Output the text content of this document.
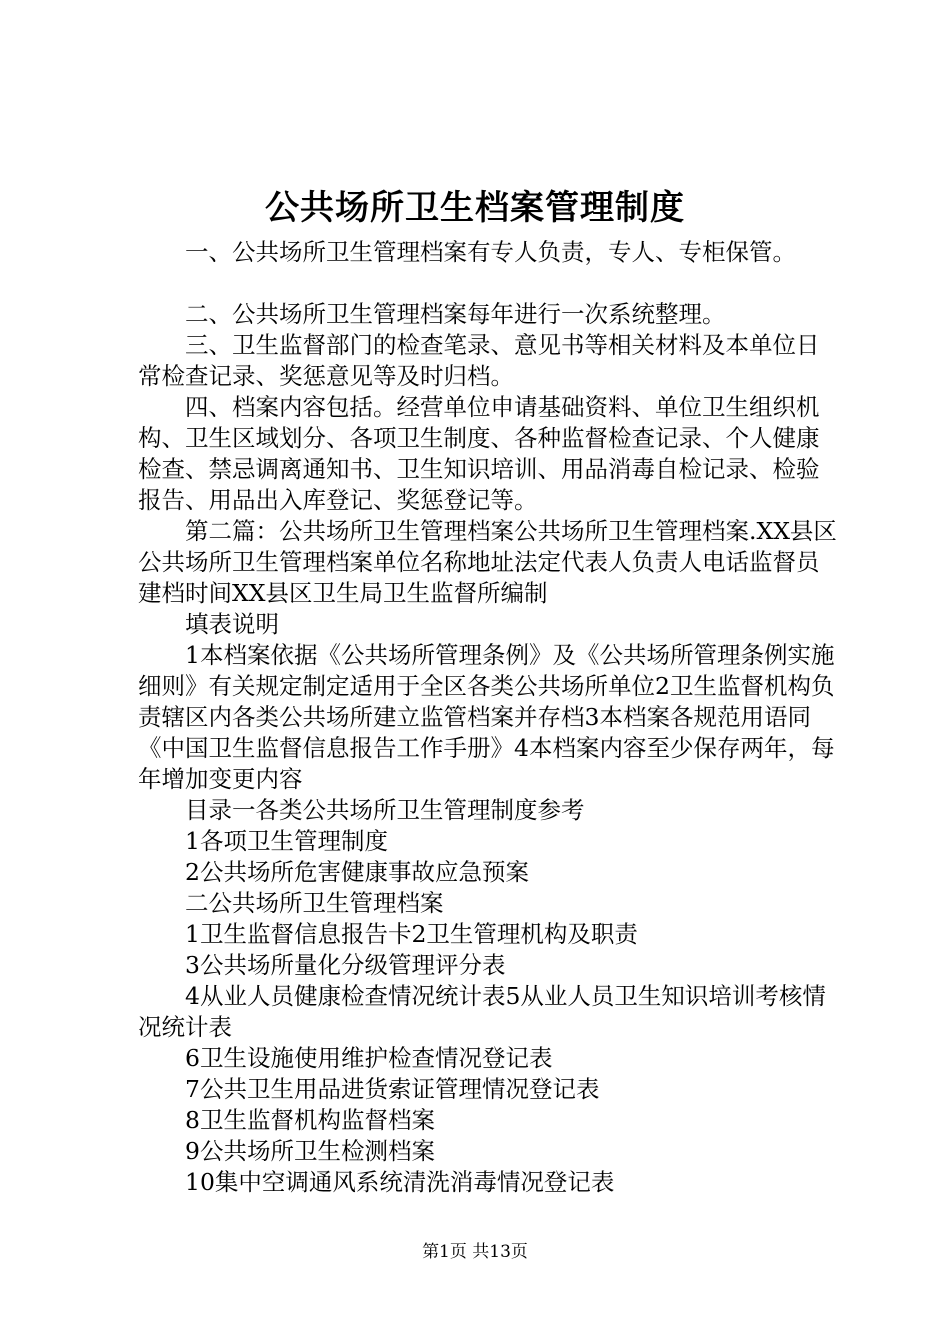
公共场所卫生档案管理制度

一、公共场所卫生管理档案有专人负责，专人、专柜保管。

二、公共场所卫生管理档案每年进行一次系统整理。

三、卫生监督部门的检查笔录、意见书等相关材料及本单位日常检查记录、奖惩意见等及时归档。

四、档案内容包括。经营单位申请基础资料、单位卫生组织机构、卫生区域划分、各项卫生制度、各种监督检查记录、个人健康检查、禁忌调离通知书、卫生知识培训、用品消毒自检记录、检验报告、用品出入库登记、奖惩登记等。

第二篇：公共场所卫生管理档案公共场所卫生管理档案.XX县区公共场所卫生管理档案单位名称地址法定代表人负责人电话监督员建档时间XX县区卫生局卫生监督所编制

填表说明

1本档案依据《公共场所管理条例》及《公共场所管理条例实施细则》有关规定制定适用于全区各类公共场所单位2卫生监督机构负责辖区内各类公共场所建立监管档案并存档3本档案各规范用语同《中国卫生监督信息报告工作手册》4本档案内容至少保存两年，每年增加变更内容

目录一各类公共场所卫生管理制度参考

1各项卫生管理制度

2公共场所危害健康事故应急预案

二公共场所卫生管理档案

1卫生监督信息报告卡2卫生管理机构及职责

3公共场所量化分级管理评分表

4从业人员健康检查情况统计表5从业人员卫生知识培训考核情况统计表

6卫生设施使用维护检查情况登记表

7公共卫生用品进货索证管理情况登记表

8卫生监督机构监督档案

9公共场所卫生检测档案

10集中空调通风系统清洗消毒情况登记表

第1页 共13页
